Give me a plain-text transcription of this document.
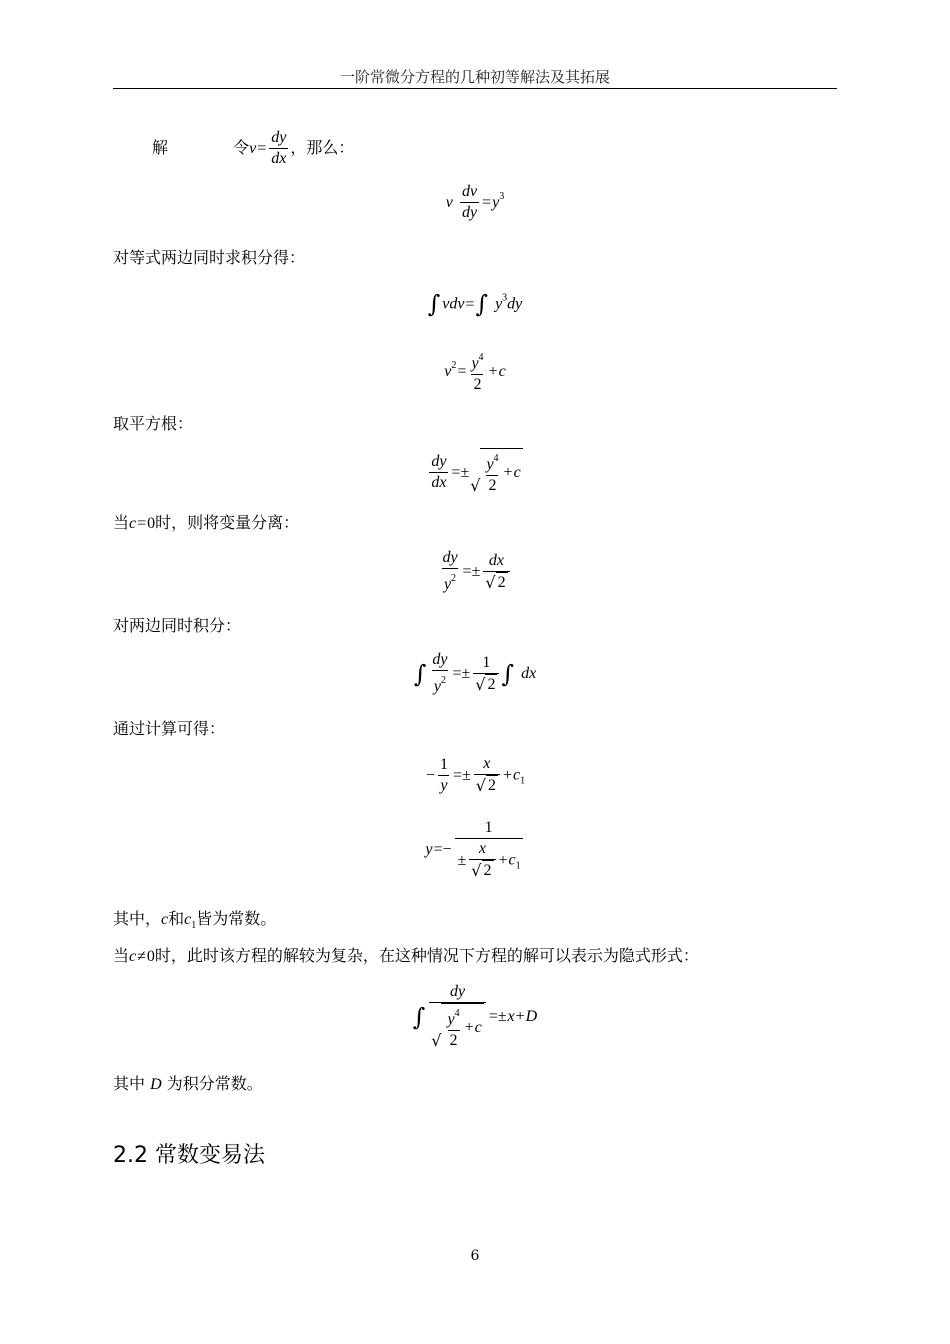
一阶常微分方程的几种初等解法及其拓展
解	令$v= \frac{dy}{dx}$ ，那么：
v $\frac{dv}{dy} =y^3$
对等式两边同时求积分得：
∫ vdv=∫ $y^3dy$
$v^2= \frac{y^4}{2} +c$
取平方根：
$\frac{dy}{dx}$ =±
√ $\frac{y^4}{2} + c$
当c=0时，则将变量分离：
$\frac{dy}{y^2} =\pm \frac{dx}{√ 2}$
对两边同时积分：
∫ $\frac{dy}{y^2} =\pm \frac{1}{√ 2}$ ∫ dx
通过计算可得：
− $\frac{1}{y} =\pm \frac{x}{√ 2} +c_1$
$y=- \frac{1}{\pm \frac{x}{√ 2} +c_1}$
其中，c和$c_1$皆为常数。
当c≠0时，此时该方程的解较为复杂，在这种情况下方程的解可以表示为隐式形式：
∫ $\frac{dy}{√ \frac{y^4}{2} + c} =\pm x+D$
其中 D 为积分常数。
2.2 常数变易法
6
